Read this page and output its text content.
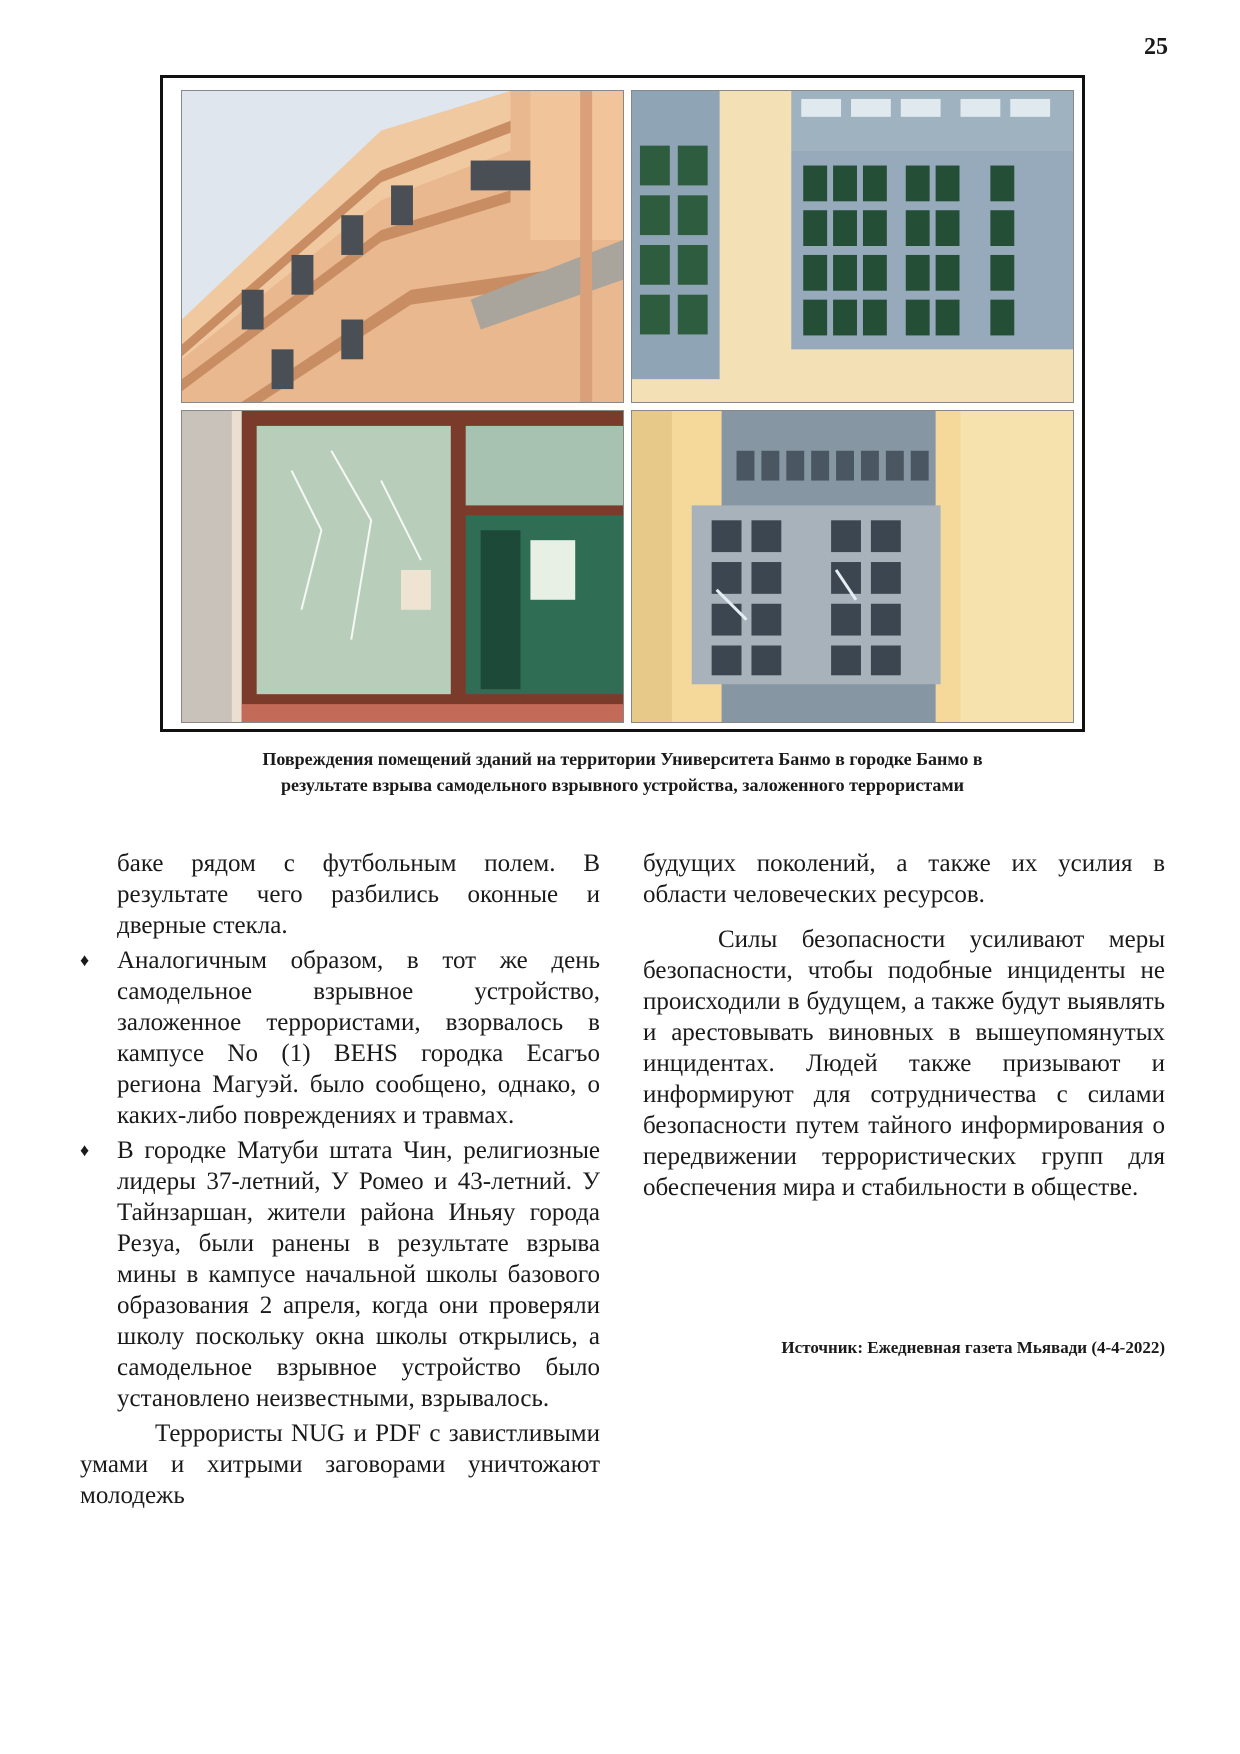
25
Повреждения помещений зданий на территории Университета Банмо в городке Банмо в
результате взрыва самодельного взрывного устройства, заложенного террористами

баке рядом с футбольным полем. В результате чего разбились оконные и дверные стекла.

♦ Аналогичным образом, в тот же день самодельное взрывное устройство, заложенное террористами, взорвалось в кампусе No (1) BEHS городка Есагъо региона Магуэй. было сообщено, однако, о каких-либо повреждениях и травмах.

♦ В городке Матуби штата Чин, религиозные лидеры 37-летний, У Ромео и 43-летний. У Тайнзаршан, жители района Иньяу города Резуа, были ранены в результате взрыва мины в кампусе начальной школы базового образования 2 апреля, когда они проверяли школу поскольку окна школы открылись, а самодельное взрывное устройство было установлено неизвестными, взрывалось.

Террористы NUG и PDF с завистливыми умами и хитрыми заговорами уничтожают молодежь

будущих поколений, а также их усилия в области человеческих ресурсов.

Силы безопасности усиливают меры безопасности, чтобы подобные инциденты не происходили в будущем, а также будут выявлять и арестовывать виновных в вышеупомянутых инцидентах. Людей также призывают и информируют для сотрудничества с силами безопасности путем тайного информирования о передвижении террористических групп для обеспечения мира и стабильности в обществе.

Источник: Ежедневная газета Мьявади (4-4-2022)
